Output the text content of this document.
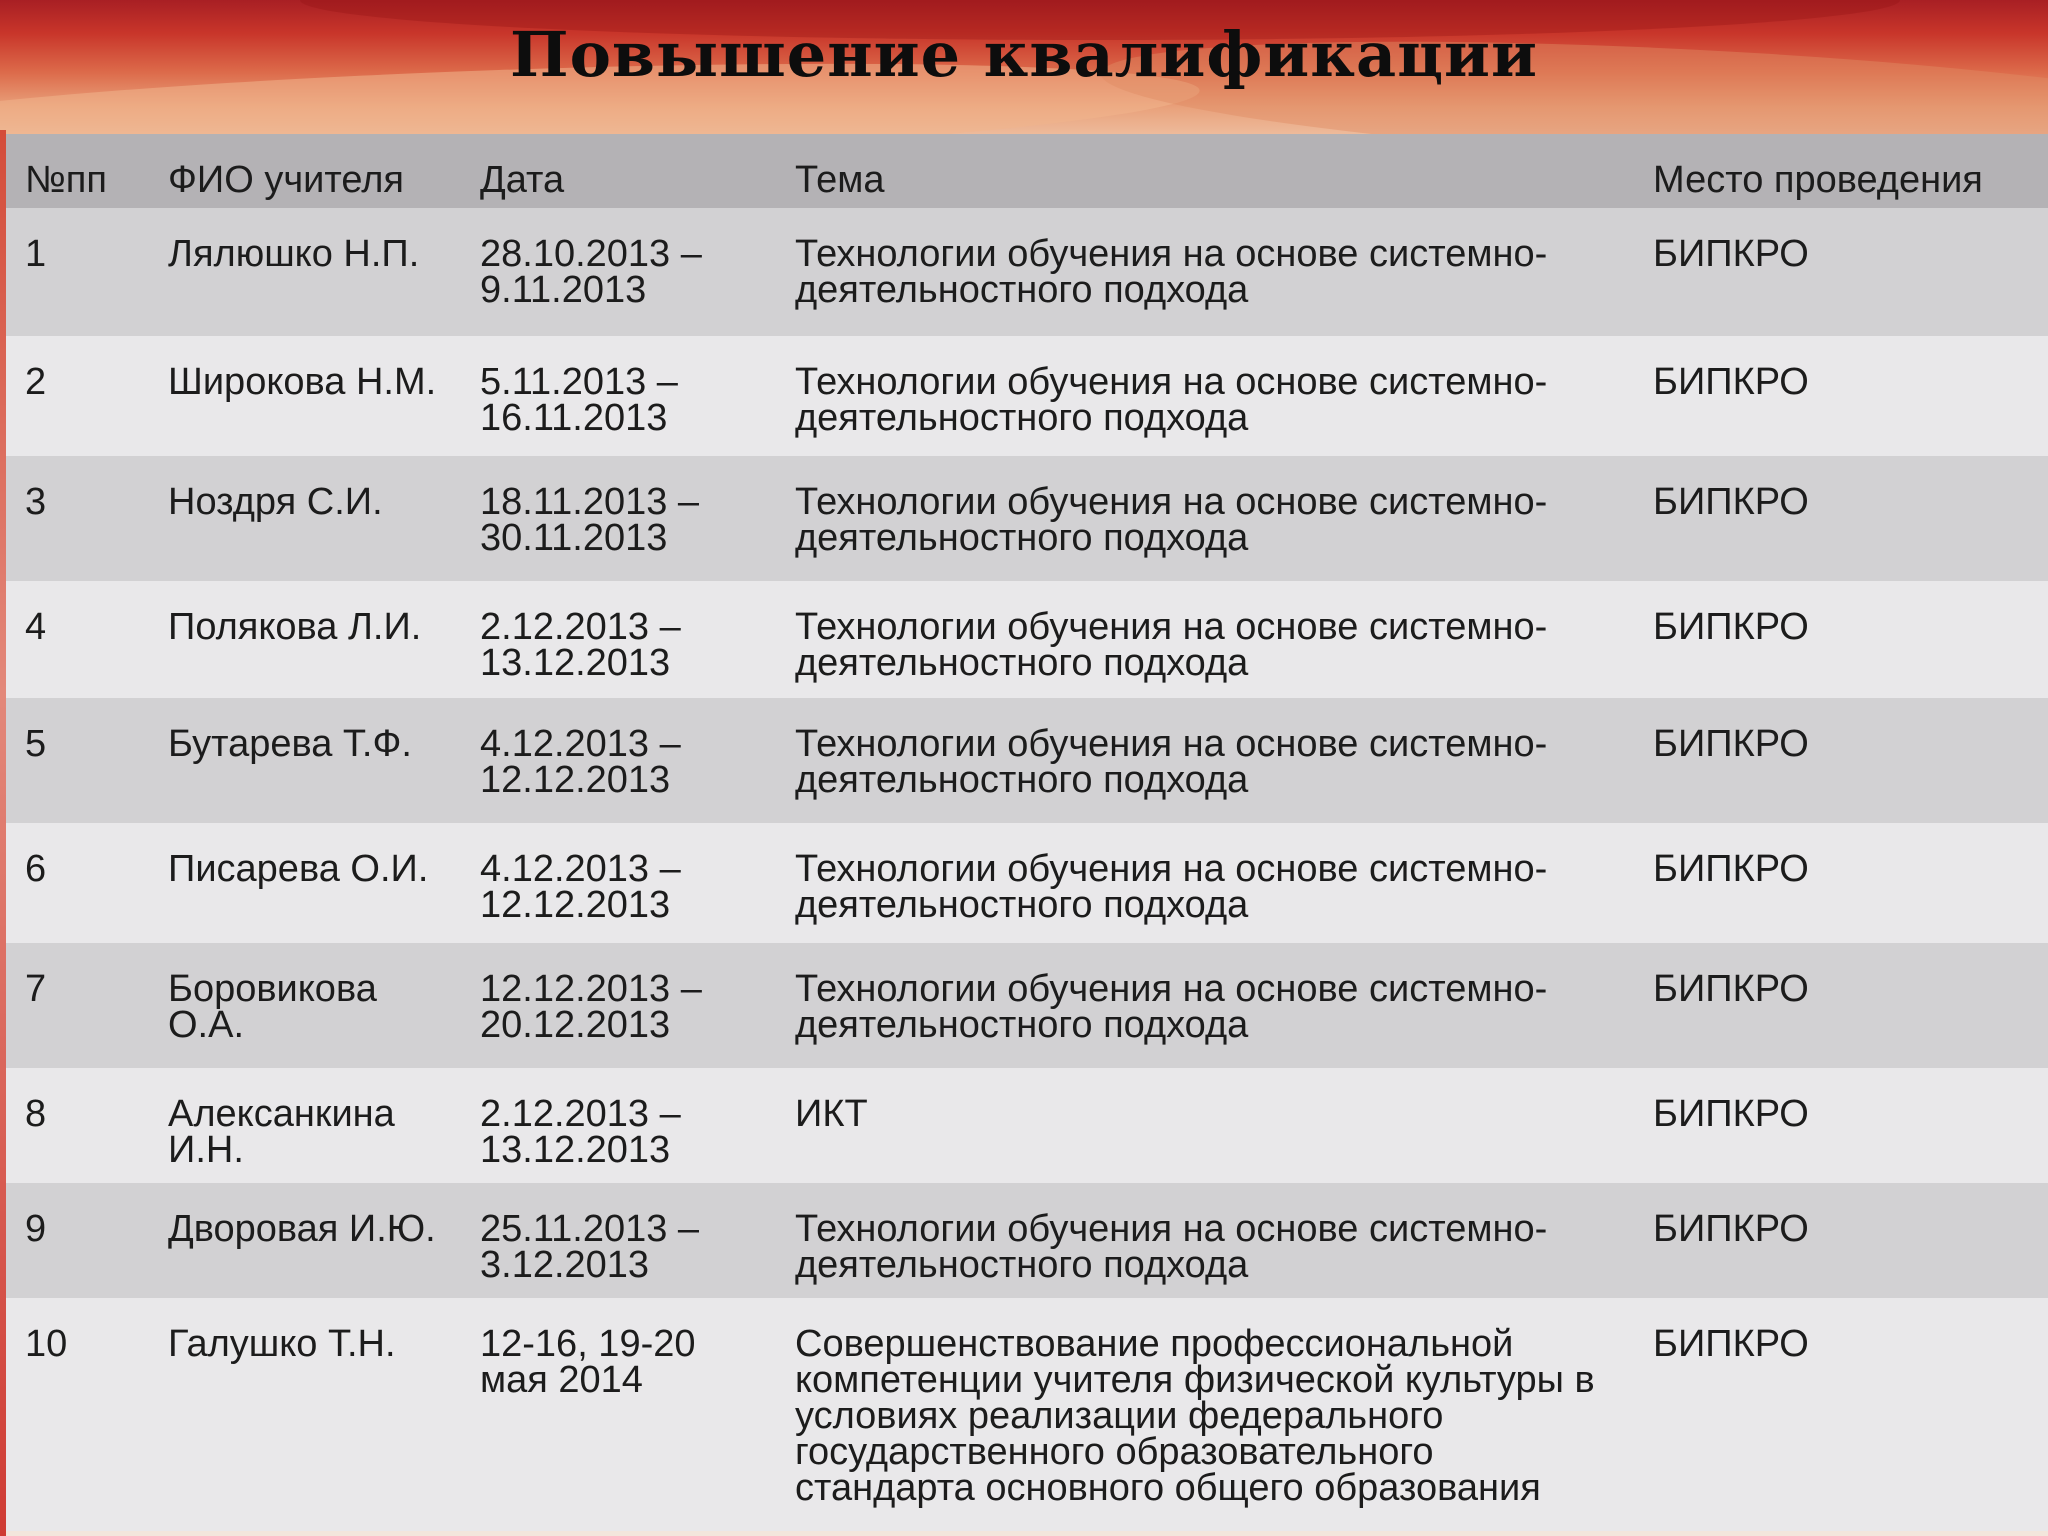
Повышение квалификации
№пп	ФИО учителя	Дата	Тема	Место проведения
1	Лялюшко Н.П.	28.10.2013 – 9.11.2013	Технологии обучения на основе системно-деятельностного подхода	БИПКРО
2	Широкова Н.М.	5.11.2013 – 16.11.2013	Технологии обучения на основе системно-деятельностного подхода	БИПКРО
3	Ноздря С.И.	18.11.2013 – 30.11.2013	Технологии обучения на основе системно-деятельностного подхода	БИПКРО
4	Полякова Л.И.	2.12.2013 – 13.12.2013	Технологии обучения на основе системно-деятельностного подхода	БИПКРО
5	Бутарева Т.Ф.	4.12.2013 – 12.12.2013	Технологии обучения на основе системно-деятельностного подхода	БИПКРО
6	Писарева О.И.	4.12.2013 – 12.12.2013	Технологии обучения на основе системно-деятельностного подхода	БИПКРО
7	Боровикова О.А.	12.12.2013 – 20.12.2013	Технологии обучения на основе системно-деятельностного подхода	БИПКРО
8	Алексанкина И.Н.	2.12.2013 – 13.12.2013	ИКТ	БИПКРО
9	Дворовая И.Ю.	25.11.2013 – 3.12.2013	Технологии обучения на основе системно-деятельностного подхода	БИПКРО
10	Галушко Т.Н.	12-16, 19-20 мая 2014	Совершенствование профессиональной компетенции учителя физической культуры в условиях реализации федерального государственного образовательного стандарта основного общего образования	БИПКРО
